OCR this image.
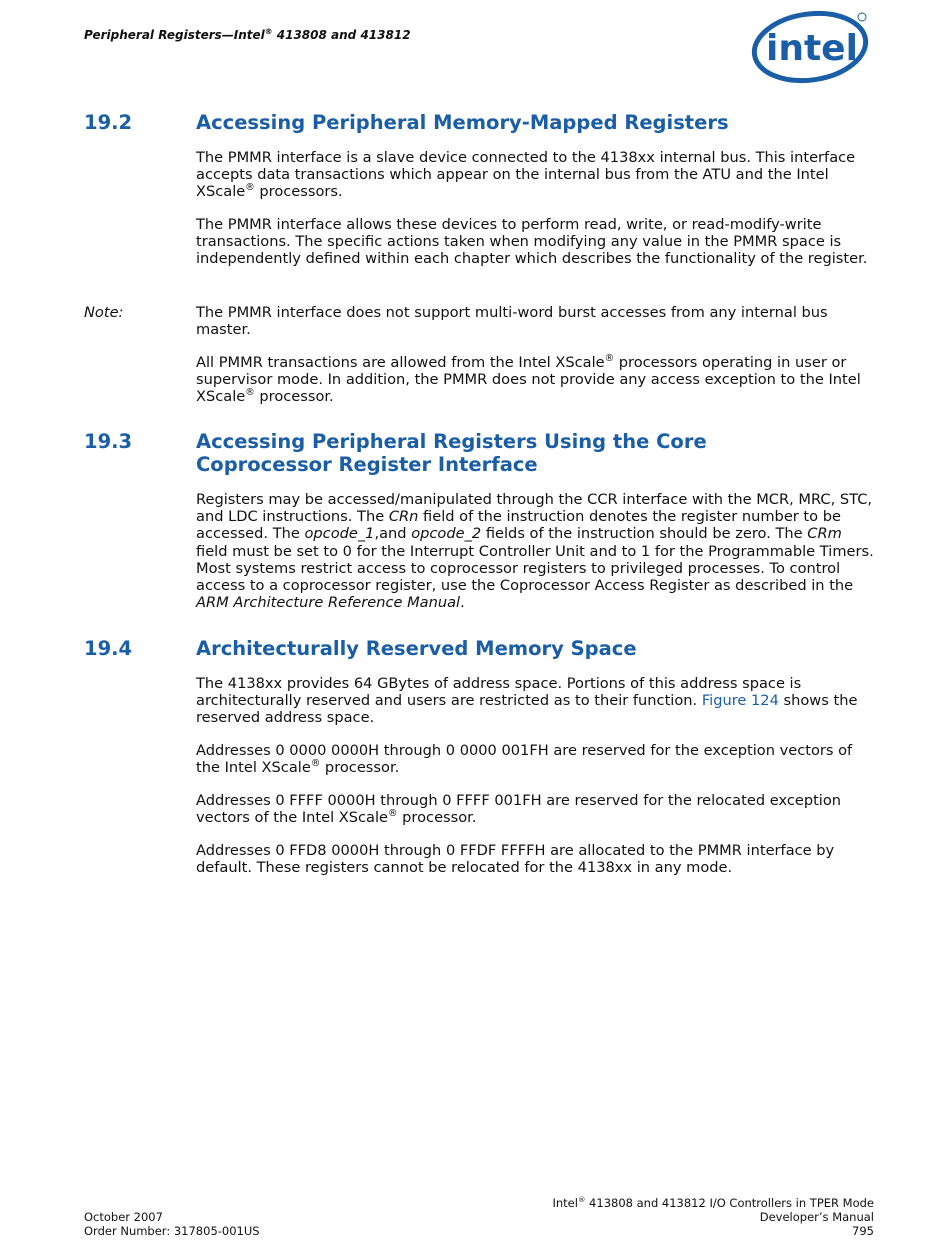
Peripheral Registers—Intel® 413808 and 413812	intel
19.2	Accessing Peripheral Memory-Mapped Registers
The PMMR interface is a slave device connected to the 4138xx internal bus. This interface accepts data transactions which appear on the internal bus from the ATU and the Intel XScale® processors.
The PMMR interface allows these devices to perform read, write, or read-modify-write transactions. The specific actions taken when modifying any value in the PMMR space is independently defined within each chapter which describes the functionality of the register.
Note:	The PMMR interface does not support multi-word burst accesses from any internal bus master.
All PMMR transactions are allowed from the Intel XScale® processors operating in user or supervisor mode. In addition, the PMMR does not provide any access exception to the Intel XScale® processor.
19.3	Accessing Peripheral Registers Using the Core
Coprocessor Register Interface
Registers may be accessed/manipulated through the CCR interface with the MCR, MRC, STC, and LDC instructions. The CRn field of the instruction denotes the register number to be accessed. The opcode_1,and opcode_2 fields of the instruction should be zero. The CRm field must be set to 0 for the Interrupt Controller Unit and to 1 for the Programmable Timers. Most systems restrict access to coprocessor registers to privileged processes. To control access to a coprocessor register, use the Coprocessor Access Register as described in the ARM Architecture Reference Manual.
19.4	Architecturally Reserved Memory Space
The 4138xx provides 64 GBytes of address space. Portions of this address space is architecturally reserved and users are restricted as to their function. Figure 124 shows the reserved address space.
Addresses 0 0000 0000H through 0 0000 001FH are reserved for the exception vectors of the Intel XScale® processor.
Addresses 0 FFFF 0000H through 0 FFFF 001FH are reserved for the relocated exception vectors of the Intel XScale® processor.
Addresses 0 FFD8 0000H through 0 FFDF FFFFH are allocated to the PMMR interface by default. These registers cannot be relocated for the 4138xx in any mode.
Intel® 413808 and 413812 I/O Controllers in TPER Mode
Developer’s Manual
795
October 2007
Order Number: 317805-001US
